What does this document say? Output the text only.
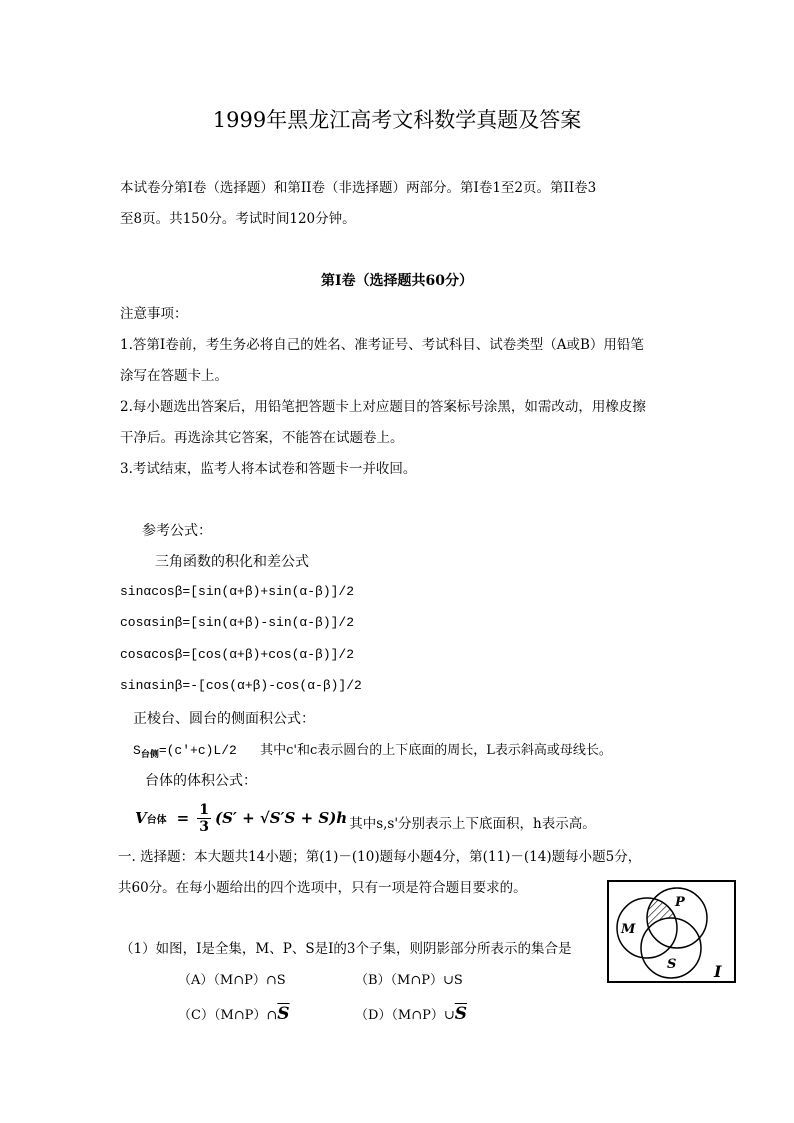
1999年黑龙江高考文科数学真题及答案
本试卷分第Ⅰ卷（选择题）和第II卷（非选择题）两部分。第Ⅰ卷1至2页。第II卷3
至8页。共150分。考试时间120分钟。
第Ⅰ卷（选择题共60分）
注意事项：
1.答第Ⅰ卷前，考生务必将自己的姓名、准考证号、考试科目、试卷类型（A或B）用铅笔
涂写在答题卡上。
2.每小题选出答案后，用铅笔把答题卡上对应题目的答案标号涂黑，如需改动，用橡皮擦
干净后。再选涂其它答案，不能答在试题卷上。
3.考试结束，监考人将本试卷和答题卡一并收回。
参考公式：
三角函数的积化和差公式
sinαcosβ=[sin(α+β)+sin(α-β)]/2
cosαsinβ=[sin(α+β)-sin(α-β)]/2
cosαcosβ=[cos(α+β)+cos(α-β)]/2
sinαsinβ=-[cos(α+β)-cos(α-β)]/2
正棱台、圆台的侧面积公式：
$S_{台侧}=(c'+c)L/2$ 其中c'和c表示圆台的上下底面的周长，L表示斜高或母线长。
台体的体积公式：
V 台体 = $\frac{1}{3} (S' + √S'S + S)h$ 其中s,s'分别表示上下底面积，h表示高。
一. 选择题：本大题共14小题；第(1)－(10)题每小题4分，第(11)－(14)题每小题5分，
共60分。在每小题给出的四个选项中，只有一项是符合题目要求的。
（1）如图，I是全集，M、P、S是I的3个子集，则阴影部分所表示的集合是
（A）（M∩P）∩S	（B）（M∩P）∪S
$(C)(M\cap P)\cap\overline{S}$	$(D)(M\cap P)\cup\overline{S}$
M
P
S I
